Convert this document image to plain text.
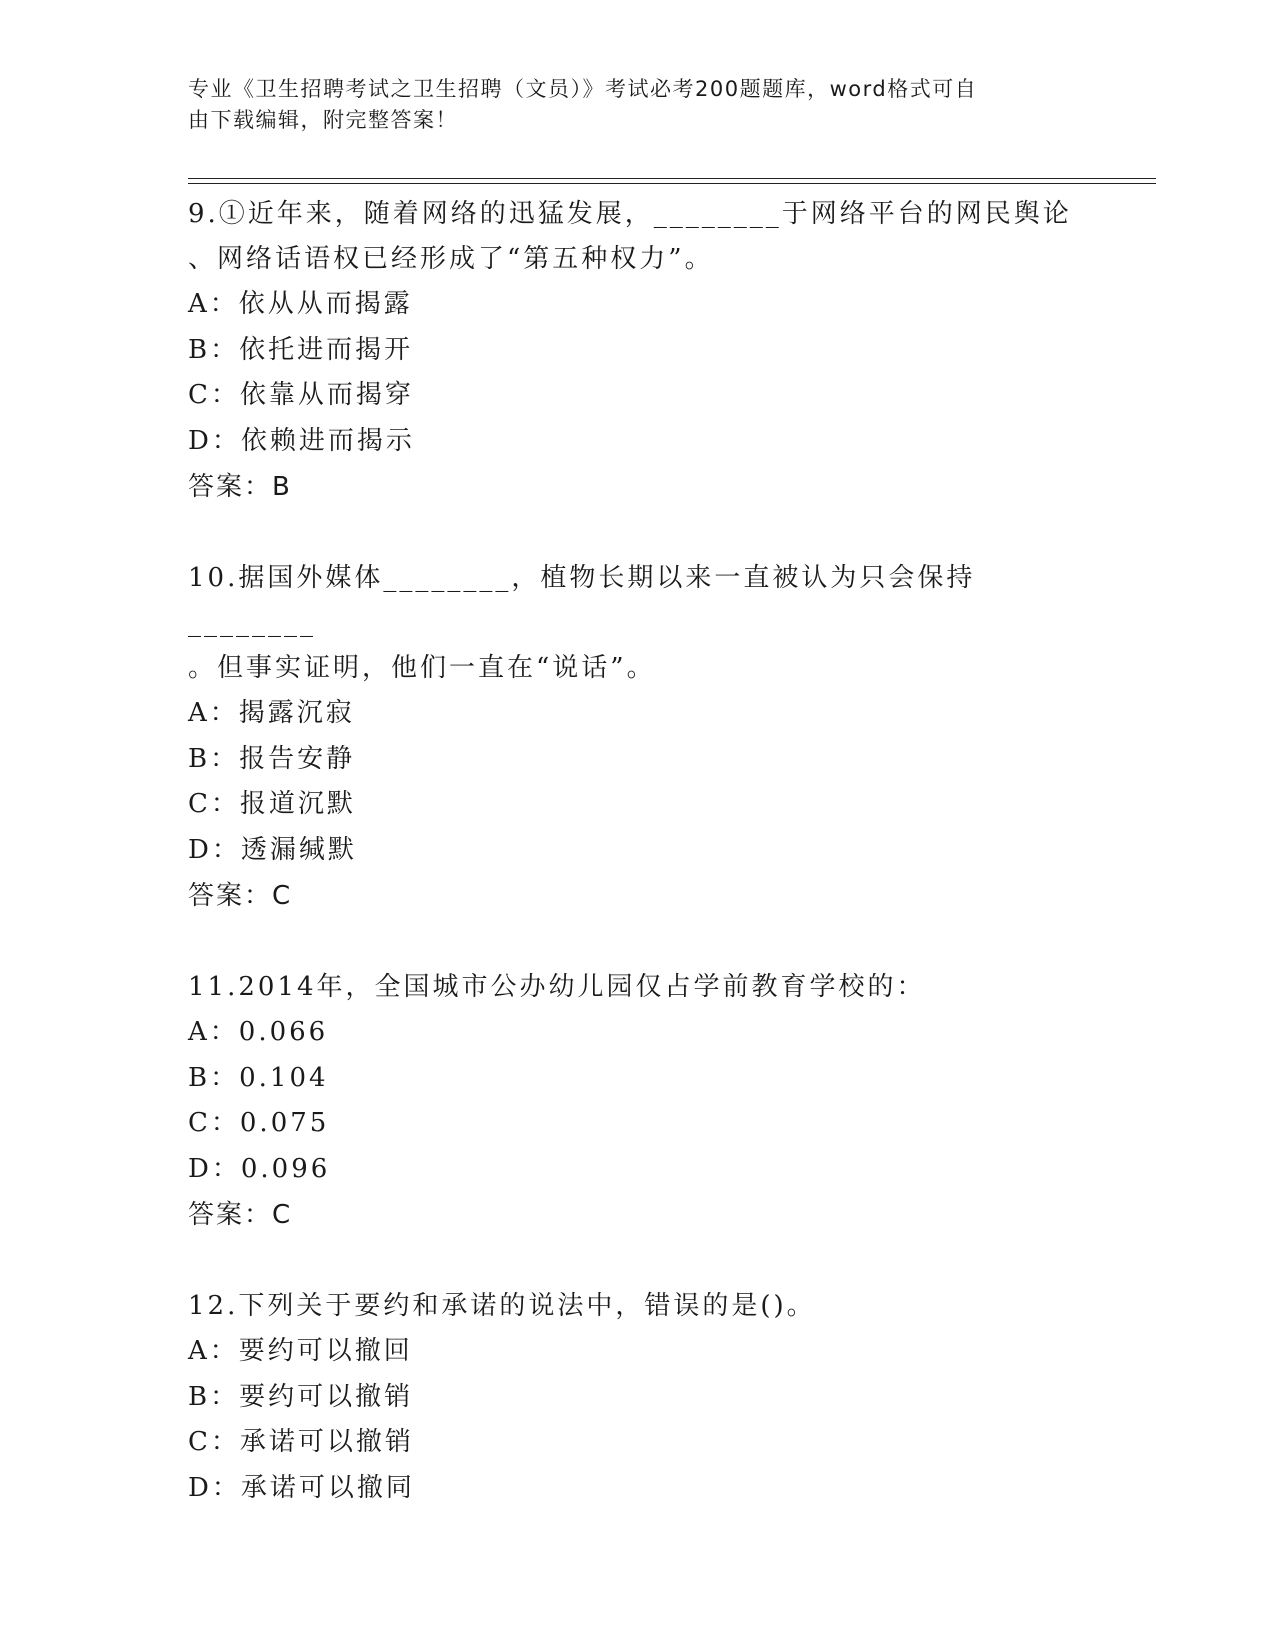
专业《卫生招聘考试之卫生招聘（文员）》考试必考200题题库，word格式可自
由下载编辑，附完整答案！

9.①近年来，随着网络的迅猛发展，________于网络平台的网民舆论

、网络话语权已经形成了“第五种权力”。

A：依从从而揭露

B：依托进而揭开

C：依靠从而揭穿

D：依赖进而揭示

答案：B

10.据国外媒体________，植物长期以来一直被认为只会保持________

。但事实证明，他们一直在“说话”。

A：揭露沉寂

B：报告安静

C：报道沉默

D：透漏缄默

答案：C

11.2014年，全国城市公办幼儿园仅占学前教育学校的：

A：0.066

B：0.104

C：0.075

D：0.096

答案：C

12.下列关于要约和承诺的说法中，错误的是()。

A：要约可以撤回

B：要约可以撤销

C：承诺可以撤销

D：承诺可以撤同
